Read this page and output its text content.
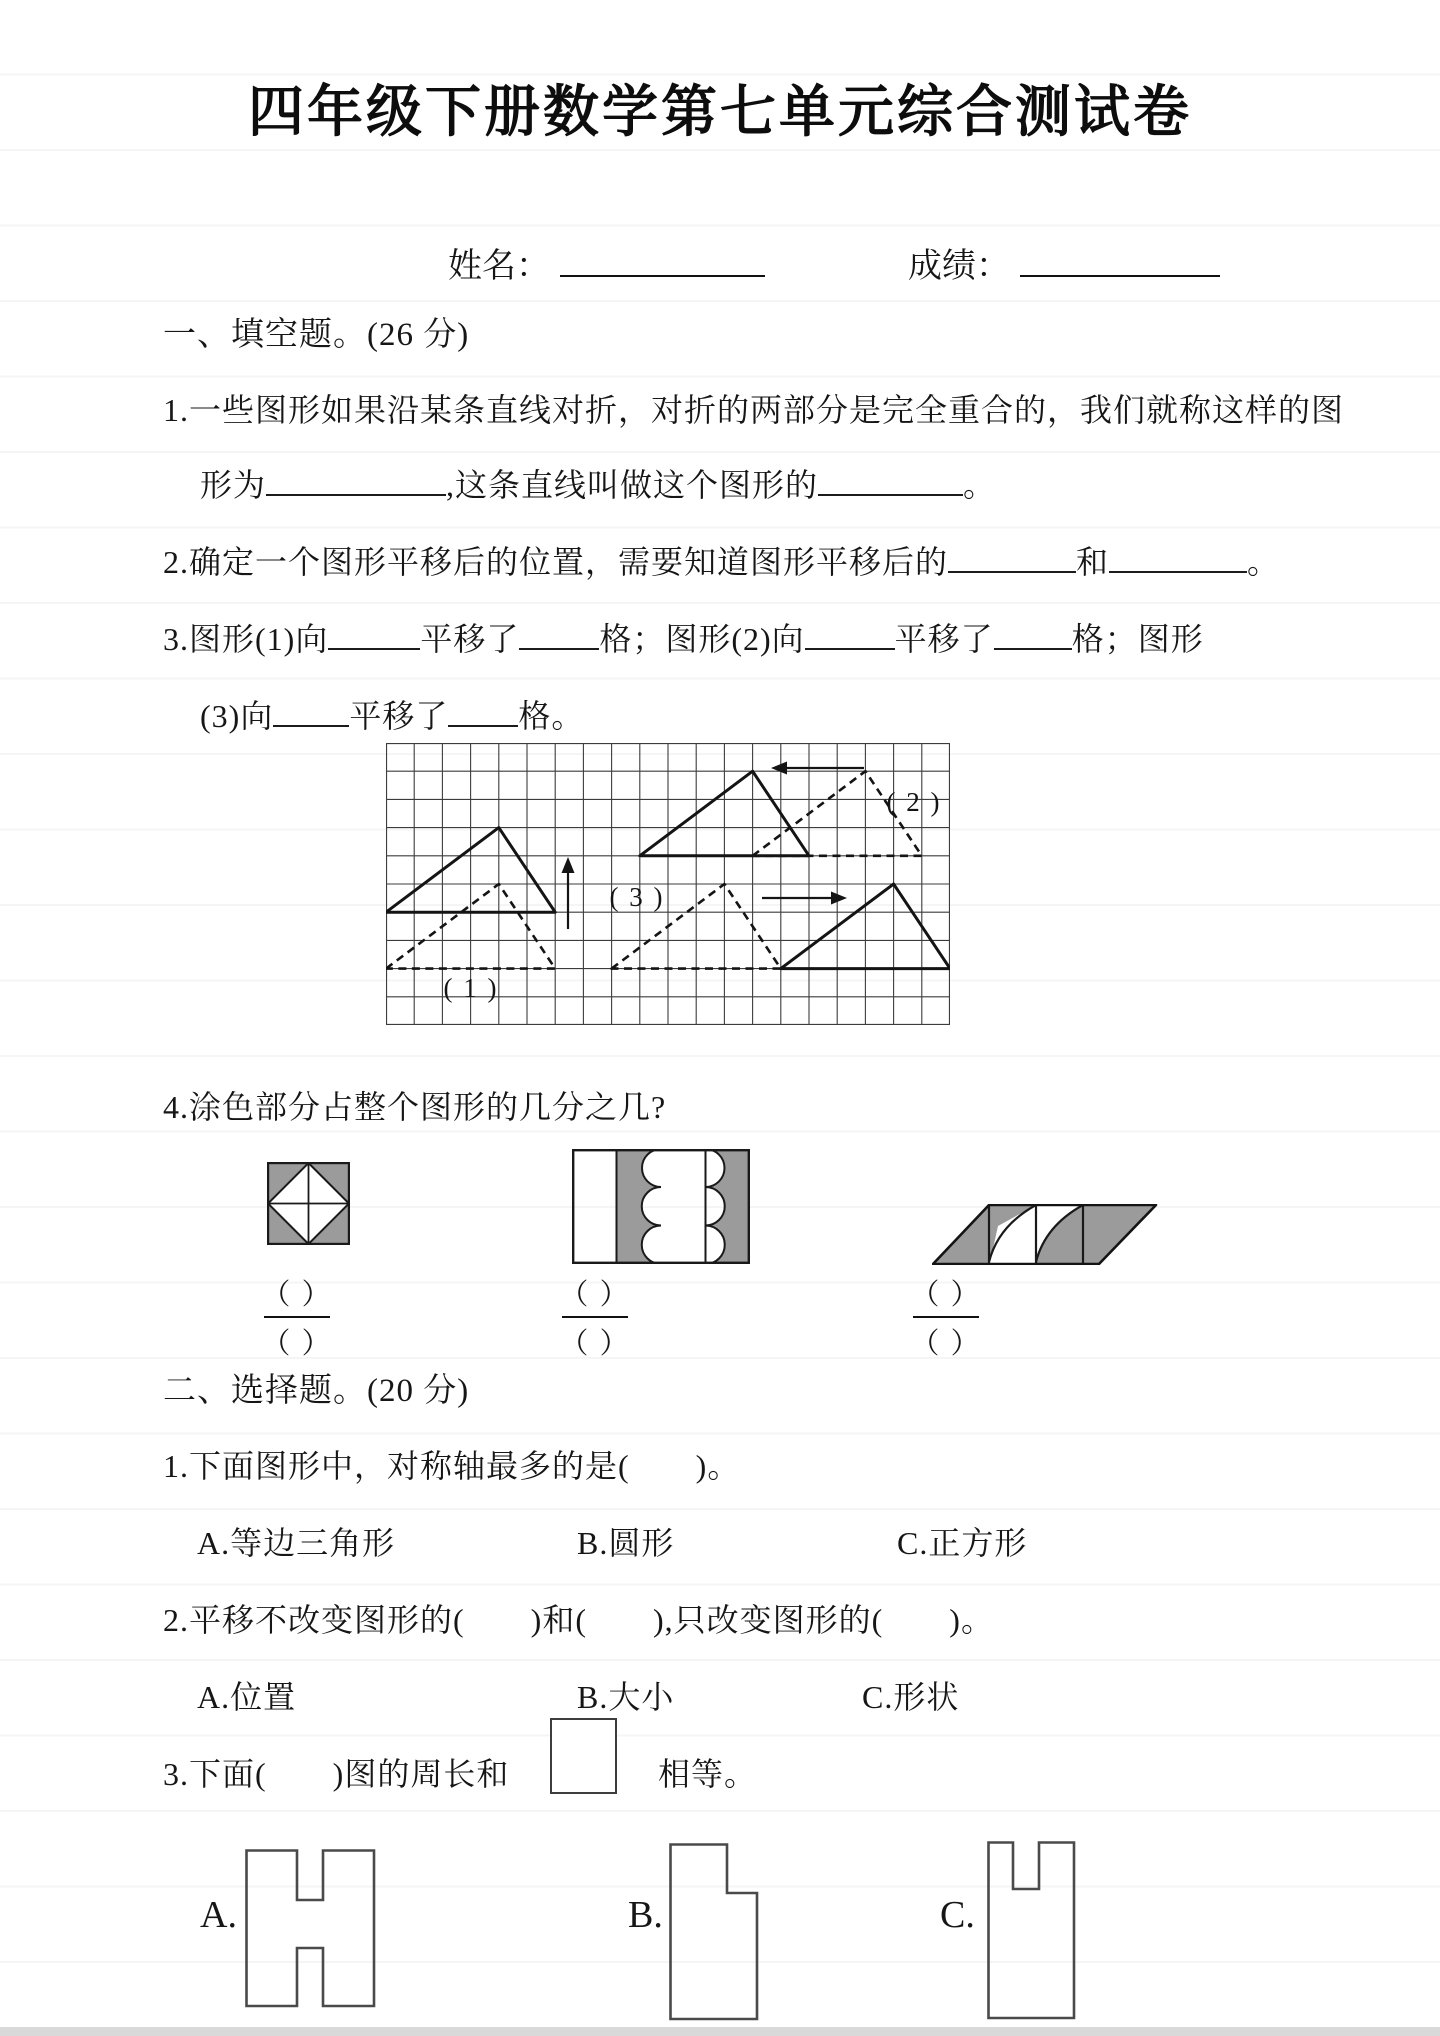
四年级下册数学第七单元综合测试卷
姓名：	成绩：
一、填空题。(26 分)
1.一些图形如果沿某条直线对折，对折的两部分是完全重合的，我们就称这样的图
形为	,这条直线叫做这个图形的	。
2.确定一个图形平移后的位置，需要知道图形平移后的	和	。
3.图形(1)向	平移了	格；图形(2)向	平移了 格；图形
(3)向 平移了 格。
( 1 )
( 2 )
( 3 )
4.涂色部分占整个图形的几分之几?
（ ）
（ ）
（ ）
（ ）
（ ）
（ ）
二、选择题。(20 分)
1.下面图形中，对称轴最多的是(　　)。
A.等边三角形	B.圆形	C.正方形
2.平移不改变图形的(　　)和(　　),只改变图形的(　　)。
A.位置	B.大小	C.形状
3.下面(　　)图的周长和	相等。
A.	B.	C.
